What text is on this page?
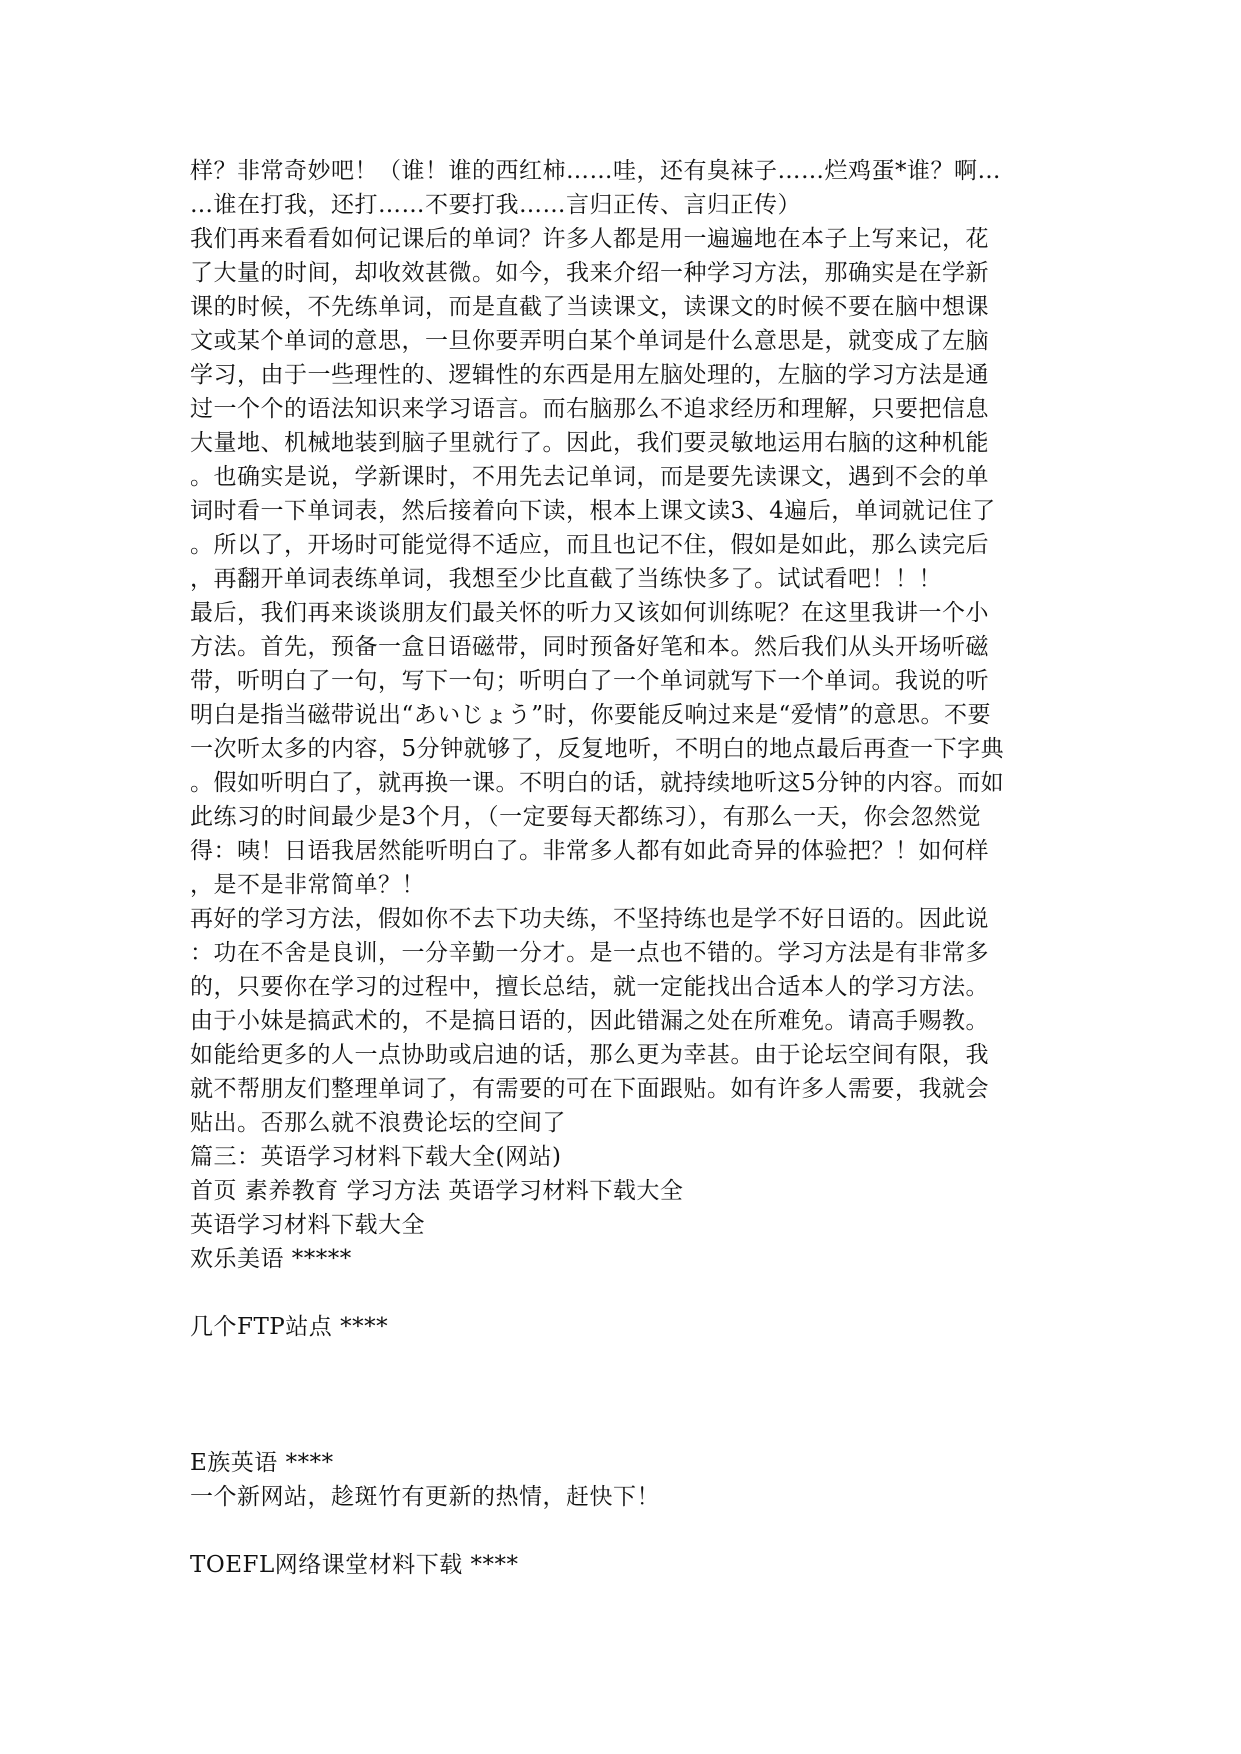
样？非常奇妙吧！（谁！谁的西红柿……哇，还有臭袜子……烂鸡蛋*谁？啊…
…谁在打我，还打……不要打我……言归正传、言归正传）
我们再来看看如何记课后的单词？许多人都是用一遍遍地在本子上写来记，花
了大量的时间，却收效甚微。如今，我来介绍一种学习方法，那确实是在学新
课的时候，不先练单词，而是直截了当读课文，读课文的时候不要在脑中想课
文或某个单词的意思，一旦你要弄明白某个单词是什么意思是，就变成了左脑
学习，由于一些理性的、逻辑性的东西是用左脑处理的，左脑的学习方法是通
过一个个的语法知识来学习语言。而右脑那么不追求经历和理解，只要把信息
大量地、机械地装到脑子里就行了。因此，我们要灵敏地运用右脑的这种机能
。也确实是说，学新课时，不用先去记单词，而是要先读课文，遇到不会的单
词时看一下单词表，然后接着向下读，根本上课文读3、4遍后，单词就记住了
。所以了，开场时可能觉得不适应，而且也记不住，假如是如此，那么读完后
，再翻开单词表练单词，我想至少比直截了当练快多了。试试看吧！！！
最后，我们再来谈谈朋友们最关怀的听力又该如何训练呢？在这里我讲一个小
方法。首先，预备一盒日语磁带，同时预备好笔和本。然后我们从头开场听磁
带，听明白了一句，写下一句；听明白了一个单词就写下一个单词。我说的听
明白是指当磁带说出“あいじょう”时，你要能反响过来是“爱情”的意思。不要
一次听太多的内容，5分钟就够了，反复地听，不明白的地点最后再查一下字典
。假如听明白了，就再换一课。不明白的话，就持续地听这5分钟的内容。而如
此练习的时间最少是3个月，（一定要每天都练习），有那么一天，你会忽然觉
得：咦！日语我居然能听明白了。非常多人都有如此奇异的体验把？！如何样
，是不是非常简单？！
再好的学习方法，假如你不去下功夫练，不坚持练也是学不好日语的。因此说
：功在不舍是良训，一分辛勤一分才。是一点也不错的。学习方法是有非常多
的，只要你在学习的过程中，擅长总结，就一定能找出合适本人的学习方法。
由于小妹是搞武术的，不是搞日语的，因此错漏之处在所难免。请高手赐教。
如能给更多的人一点协助或启迪的话，那么更为幸甚。由于论坛空间有限，我
就不帮朋友们整理单词了，有需要的可在下面跟贴。如有许多人需要，我就会
贴出。否那么就不浪费论坛的空间了
篇三：英语学习材料下载大全(网站)
首页 素养教育 学习方法 英语学习材料下载大全
英语学习材料下载大全
欢乐美语 *****
几个FTP站点 ****
E族英语 ****
一个新网站，趁斑竹有更新的热情，赶快下！
TOEFL网络课堂材料下载 ****
